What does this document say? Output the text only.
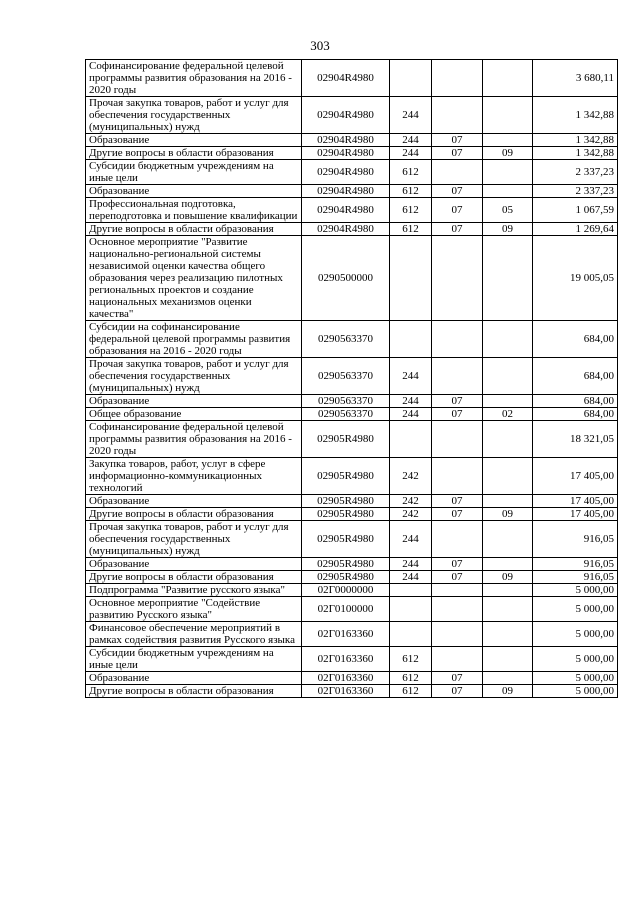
303
Софинансирование федеральной целевой программы развития образования на 2016 - 2020 годы	02904R4980				3 680,11
Прочая закупка товаров, работ и услуг для обеспечения государственных (муниципальных) нужд	02904R4980	244			1 342,88
Образование	02904R4980	244	07		1 342,88
Другие вопросы в области образования	02904R4980	244	07	09	1 342,88
Субсидии бюджетным учреждениям на иные цели	02904R4980	612			2 337,23
Образование	02904R4980	612	07		2 337,23
Профессиональная подготовка, переподготовка и повышение квалификации	02904R4980	612	07	05	1 067,59
Другие вопросы в области образования	02904R4980	612	07	09	1 269,64
Основное мероприятие "Развитие национально-региональной системы независимой оценки качества общего образования через реализацию пилотных региональных проектов и создание национальных механизмов оценки качества"	0290500000				19 005,05
Субсидии на софинансирование федеральной целевой программы развития образования на 2016 - 2020 годы	0290563370				684,00
Прочая закупка товаров, работ и услуг для обеспечения государственных (муниципальных) нужд	0290563370	244			684,00
Образование	0290563370	244	07		684,00
Общее образование	0290563370	244	07	02	684,00
Софинансирование федеральной целевой программы развития образования на 2016 - 2020 годы	02905R4980				18 321,05
Закупка товаров, работ, услуг в сфере информационно-коммуникационных технологий	02905R4980	242			17 405,00
Образование	02905R4980	242	07		17 405,00
Другие вопросы в области образования	02905R4980	242	07	09	17 405,00
Прочая закупка товаров, работ и услуг для обеспечения государственных (муниципальных) нужд	02905R4980	244			916,05
Образование	02905R4980	244	07		916,05
Другие вопросы в области образования	02905R4980	244	07	09	916,05
Подпрограмма "Развитие русского языка"	02Г0000000				5 000,00
Основное мероприятие "Содействие развитию Русского языка"	02Г0100000				5 000,00
Финансовое обеспечение мероприятий в рамках содействия развития Русского языка	02Г0163360				5 000,00
Субсидии бюджетным учреждениям на иные цели	02Г0163360	612			5 000,00
Образование	02Г0163360	612	07		5 000,00
Другие вопросы в области образования	02Г0163360	612	07	09	5 000,00
